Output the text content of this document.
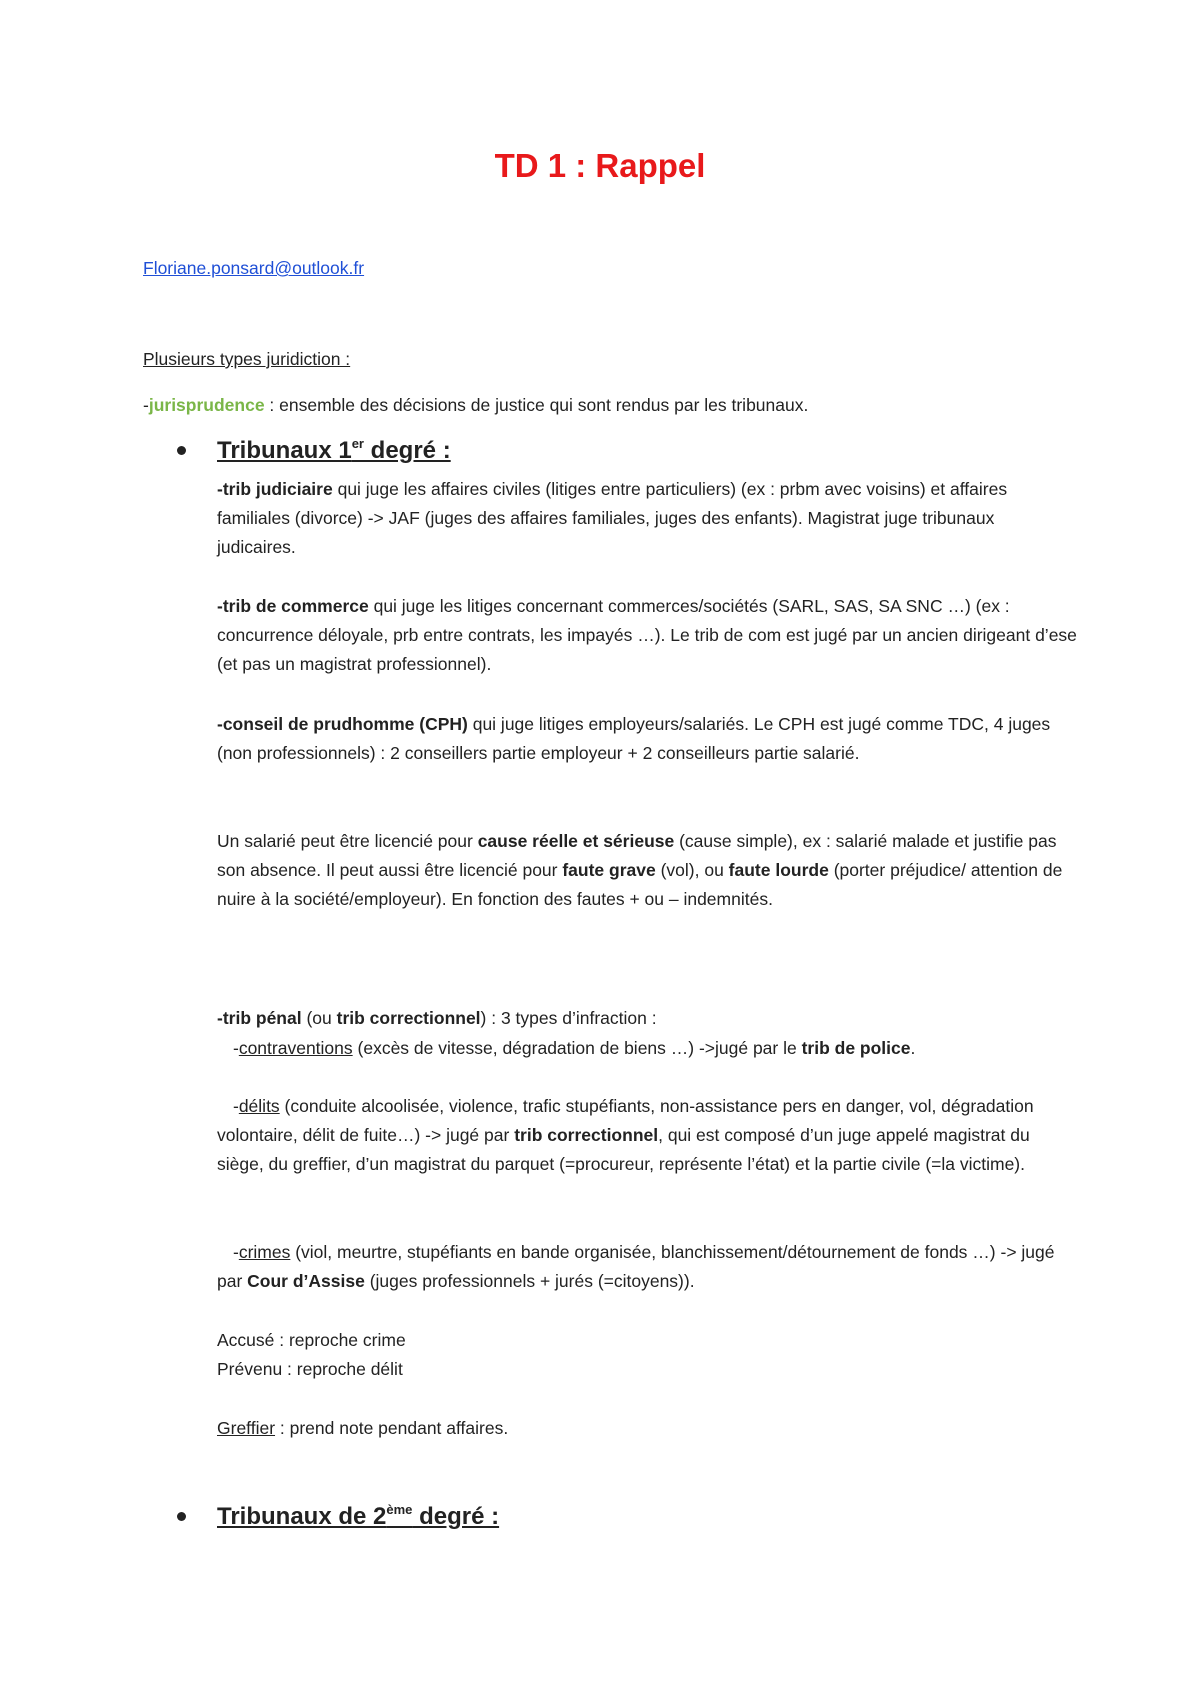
TD 1 : Rappel
Floriane.ponsard@outlook.fr
Plusieurs types juridiction :
-jurisprudence : ensemble des décisions de justice qui sont rendus par les tribunaux.
Tribunaux 1er degré :

-trib judiciaire qui juge les affaires civiles (litiges entre particuliers) (ex : prbm avec voisins) et affaires familiales (divorce) -> JAF (juges des affaires familiales, juges des enfants). Magistrat juge tribunaux judicaires.

-trib de commerce qui juge les litiges concernant commerces/sociétés (SARL, SAS, SA SNC …) (ex : concurrence déloyale, prb entre contrats, les impayés …). Le trib de com est jugé par un ancien dirigeant d’ese (et pas un magistrat professionnel).

-conseil de prudhomme (CPH) qui juge litiges employeurs/salariés. Le CPH est jugé comme TDC, 4 juges (non professionnels) : 2 conseillers partie employeur + 2 conseilleurs partie salarié.

Un salarié peut être licencié pour cause réelle et sérieuse (cause simple), ex : salarié malade et justifie pas son absence. Il peut aussi être licencié pour faute grave (vol), ou faute lourde (porter préjudice/ attention de nuire à la société/employeur). En fonction des fautes + ou – indemnités.

-trib pénal (ou trib correctionnel) : 3 types d’infraction :

-contraventions (excès de vitesse, dégradation de biens …) ->jugé par le trib de police.

-délits (conduite alcoolisée, violence, trafic stupéfiants, non-assistance pers en danger, vol, dégradation volontaire, délit de fuite…) -> jugé par trib correctionnel, qui est composé d’un juge appelé magistrat du siège, du greffier, d’un magistrat du parquet (=procureur, représente l’état) et la partie civile (=la victime).

-crimes (viol, meurtre, stupéfiants en bande organisée, blanchissement/détournement de fonds …) -> jugé par Cour d’Assise (juges professionnels + jurés (=citoyens)).

Accusé : reproche crime
Prévenu : reproche délit
Greffier : prend note pendant affaires.
Tribunaux de 2ème degré :
